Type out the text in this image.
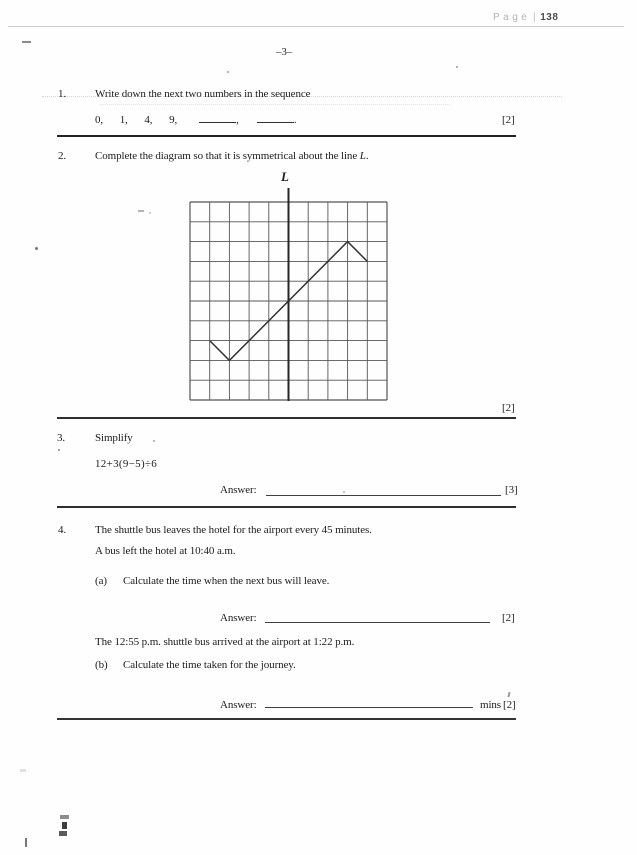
Page | 138
–3–
1.	Write down the next two numbers in the sequence
0, 1, 4, 9,	,	.	[2]
2.	Complete the diagram so that it is symmetrical about the line L.
L
[2]
3.	Simplify
12+3(9−5)÷6
Answer:	[3]
4.	The shuttle bus leaves the hotel for the airport every 45 minutes.
A bus left the hotel at 10:40 a.m.
(a) Calculate the time when the next bus will leave.
Answer:	[2]
The 12:55 p.m. shuttle bus arrived at the airport at 1:22 p.m.
(b) Calculate the time taken for the journey.
Answer:	mins [2]
